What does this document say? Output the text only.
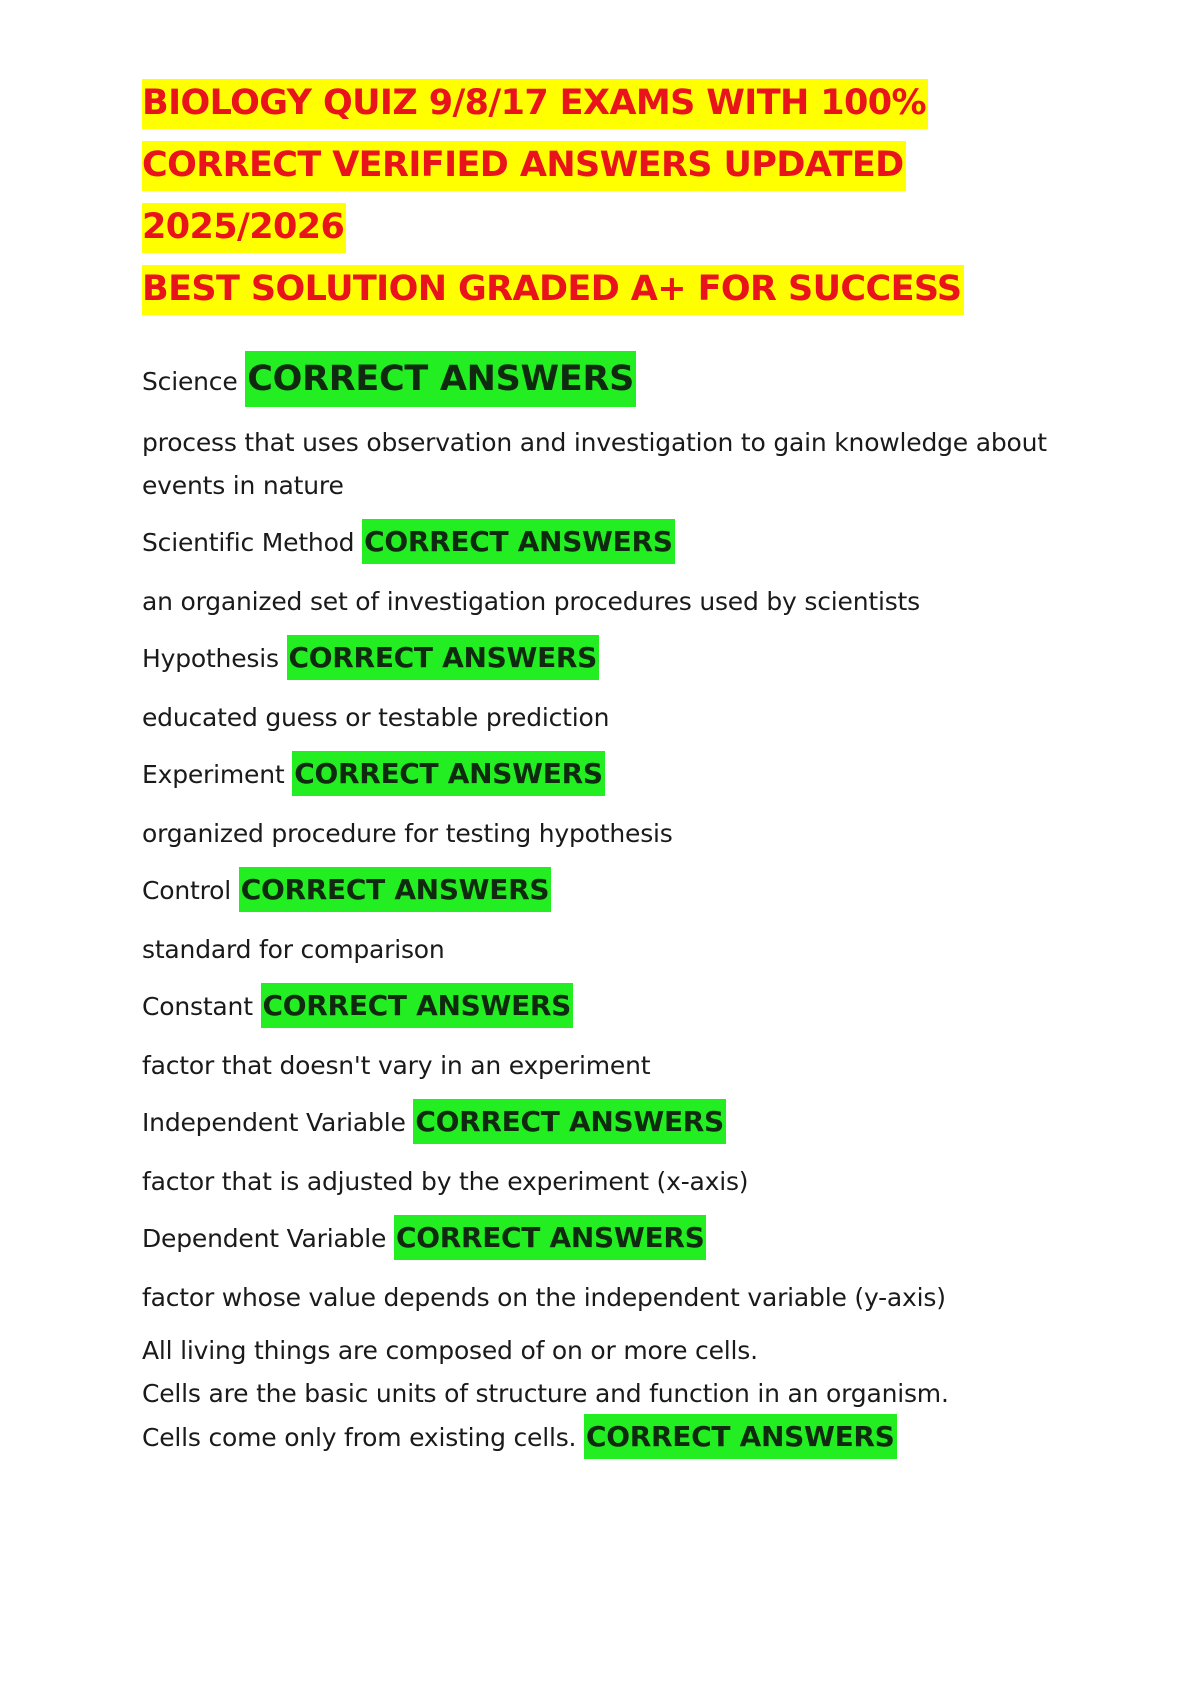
BIOLOGY QUIZ 9/8/17 EXAMS WITH 100%
CORRECT VERIFIED ANSWERS UPDATED 2025/2026
BEST SOLUTION GRADED A+ FOR SUCCESS

Science CORRECT ANSWERS

process that uses observation and investigation to gain knowledge about events in nature

Scientific Method CORRECT ANSWERS

an organized set of investigation procedures used by scientists

Hypothesis CORRECT ANSWERS

educated guess or testable prediction

Experiment CORRECT ANSWERS

organized procedure for testing hypothesis

Control CORRECT ANSWERS

standard for comparison

Constant CORRECT ANSWERS

factor that doesn't vary in an experiment

Independent Variable CORRECT ANSWERS

factor that is adjusted by the experiment (x-axis)

Dependent Variable CORRECT ANSWERS

factor whose value depends on the independent variable (y-axis)

All living things are composed of on or more cells.

Cells are the basic units of structure and function in an organism.

Cells come only from existing cells. CORRECT ANSWERS
